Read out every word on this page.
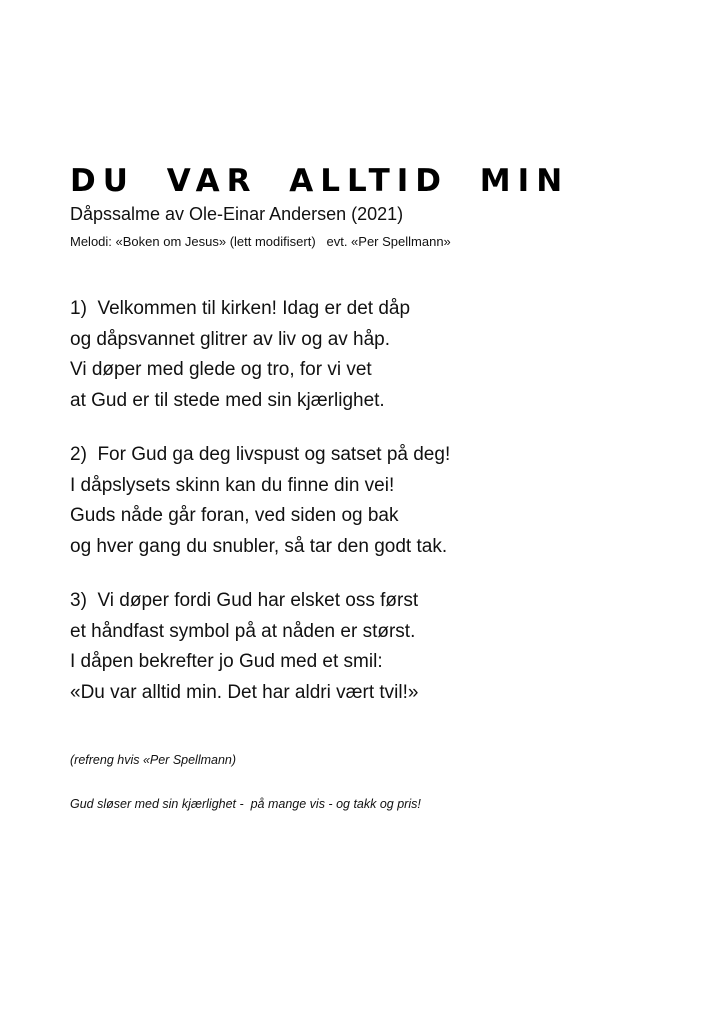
DU VAR ALLTID MIN
Dåpssalme av Ole-Einar Andersen (2021)
Melodi: «Boken om Jesus» (lett modifisert)   evt. «Per Spellmann»
1)  Velkommen til kirken! Idag er det dåp
og dåpsvannet glitrer av liv og av håp.
Vi døper med glede og tro, for vi vet
at Gud er til stede med sin kjærlighet.
2)  For Gud ga deg livspust og satset på deg!
I dåpslysets skinn kan du finne din vei!
Guds nåde går foran, ved siden og bak
og hver gang du snubler, så tar den godt tak.
3)  Vi døper fordi Gud har elsket oss først
et håndfast symbol på at nåden er størst.
I dåpen bekrefter jo Gud med et smil:
«Du var alltid min. Det har aldri vært tvil!»
(refreng hvis «Per Spellmann)
Gud sløser med sin kjærlighet -  på mange vis - og takk og pris!
